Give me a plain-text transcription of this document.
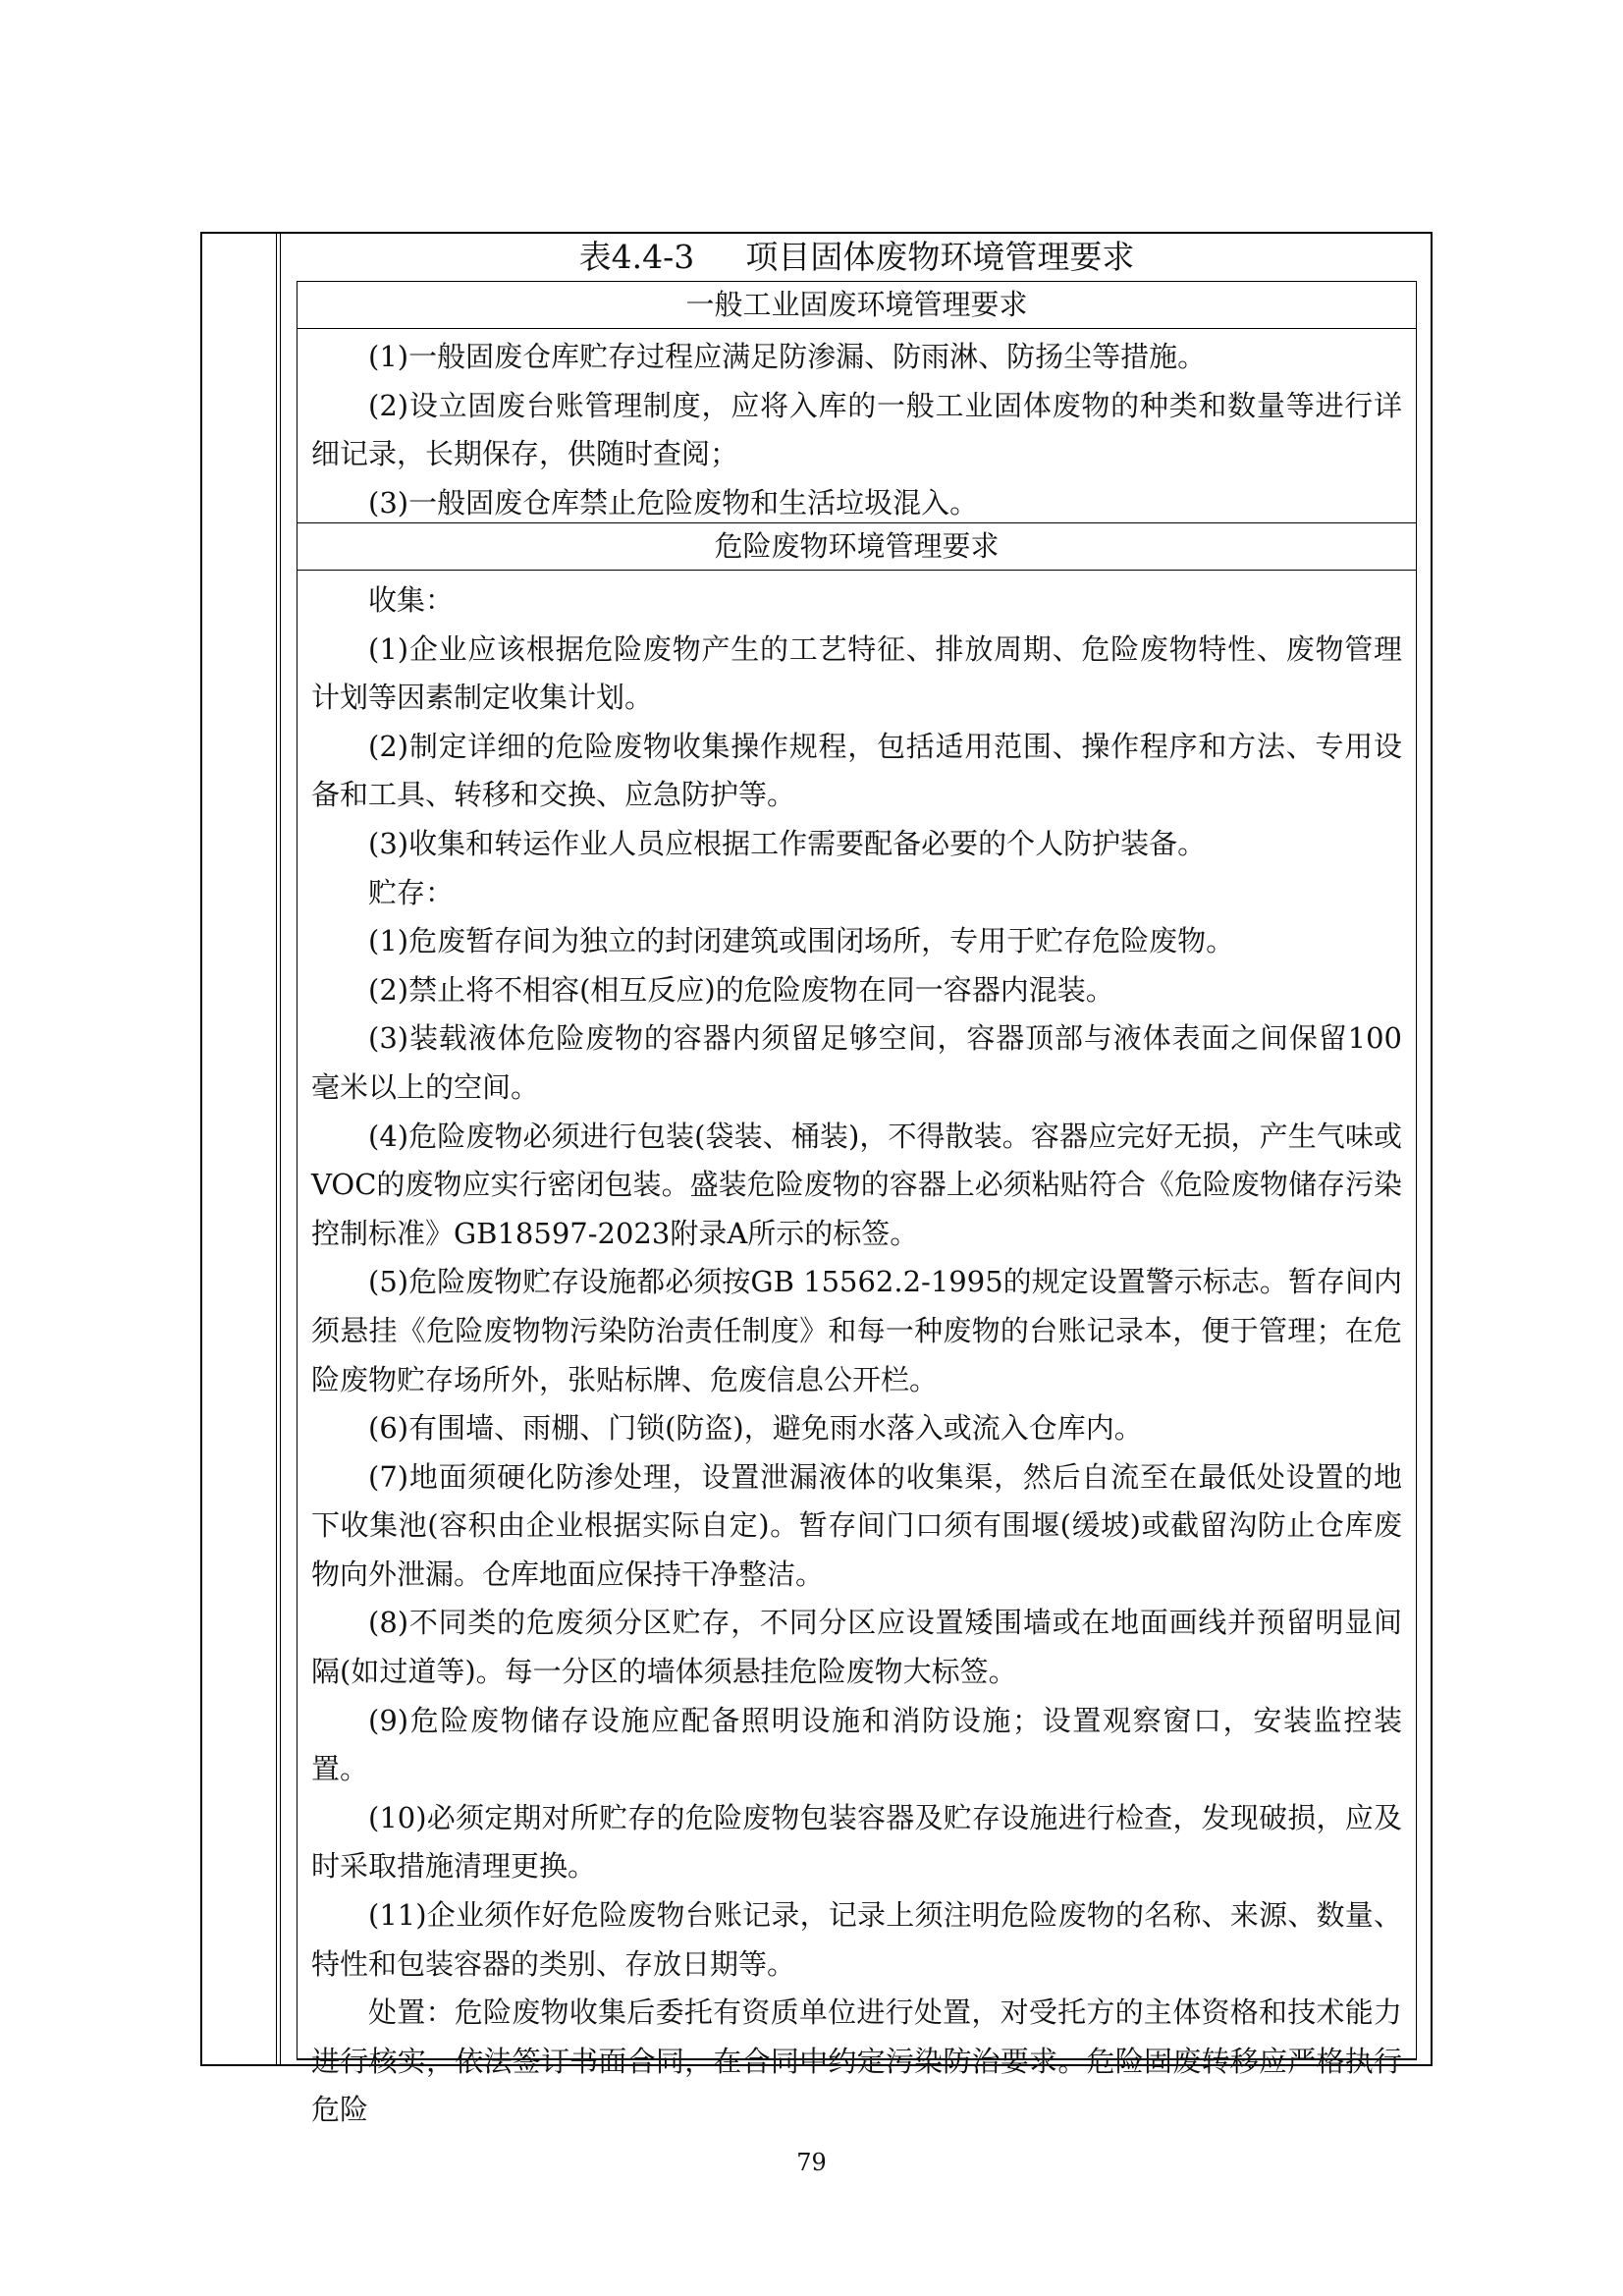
表4.4-3 项目固体废物环境管理要求
一般工业固废环境管理要求

(1)一般固废仓库贮存过程应满足防渗漏、防雨淋、防扬尘等措施。

(2)设立固废台账管理制度，应将入库的一般工业固体废物的种类和数量等进行详细记录，长期保存，供随时查阅；

(3)一般固废仓库禁止危险废物和生活垃圾混入。

危险废物环境管理要求

收集：

(1)企业应该根据危险废物产生的工艺特征、排放周期、危险废物特性、废物管理计划等因素制定收集计划。

(2)制定详细的危险废物收集操作规程，包括适用范围、操作程序和方法、专用设备和工具、转移和交换、应急防护等。

(3)收集和转运作业人员应根据工作需要配备必要的个人防护装备。

贮存：

(1)危废暂存间为独立的封闭建筑或围闭场所，专用于贮存危险废物。

(2)禁止将不相容(相互反应)的危险废物在同一容器内混装。

(3)装载液体危险废物的容器内须留足够空间，容器顶部与液体表面之间保留100毫米以上的空间。

(4)危险废物必须进行包装(袋装、桶装)，不得散装。容器应完好无损，产生气味或VOC的废物应实行密闭包装。盛装危险废物的容器上必须粘贴符合《危险废物储存污染控制标准》GB18597-2023附录A所示的标签。

(5)危险废物贮存设施都必须按GB 15562.2-1995的规定设置警示标志。暂存间内须悬挂《危险废物物污染防治责任制度》和每一种废物的台账记录本，便于管理；在危险废物贮存场所外，张贴标牌、危废信息公开栏。

(6)有围墙、雨棚、门锁(防盗)，避免雨水落入或流入仓库内。

(7)地面须硬化防渗处理，设置泄漏液体的收集渠，然后自流至在最低处设置的地下收集池(容积由企业根据实际自定)。暂存间门口须有围堰(缓坡)或截留沟防止仓库废物向外泄漏。仓库地面应保持干净整洁。

(8)不同类的危废须分区贮存，不同分区应设置矮围墙或在地面画线并预留明显间隔(如过道等)。每一分区的墙体须悬挂危险废物大标签。

(9)危险废物储存设施应配备照明设施和消防设施；设置观察窗口，安装监控装置。

(10)必须定期对所贮存的危险废物包装容器及贮存设施进行检查，发现破损，应及时采取措施清理更换。

(11)企业须作好危险废物台账记录，记录上须注明危险废物的名称、来源、数量、特性和包装容器的类别、存放日期等。

处置：危险废物收集后委托有资质单位进行处置，对受托方的主体资格和技术能力进行核实，依法签订书面合同，在合同中约定污染防治要求。危险固废转移应严格执行危险

79
